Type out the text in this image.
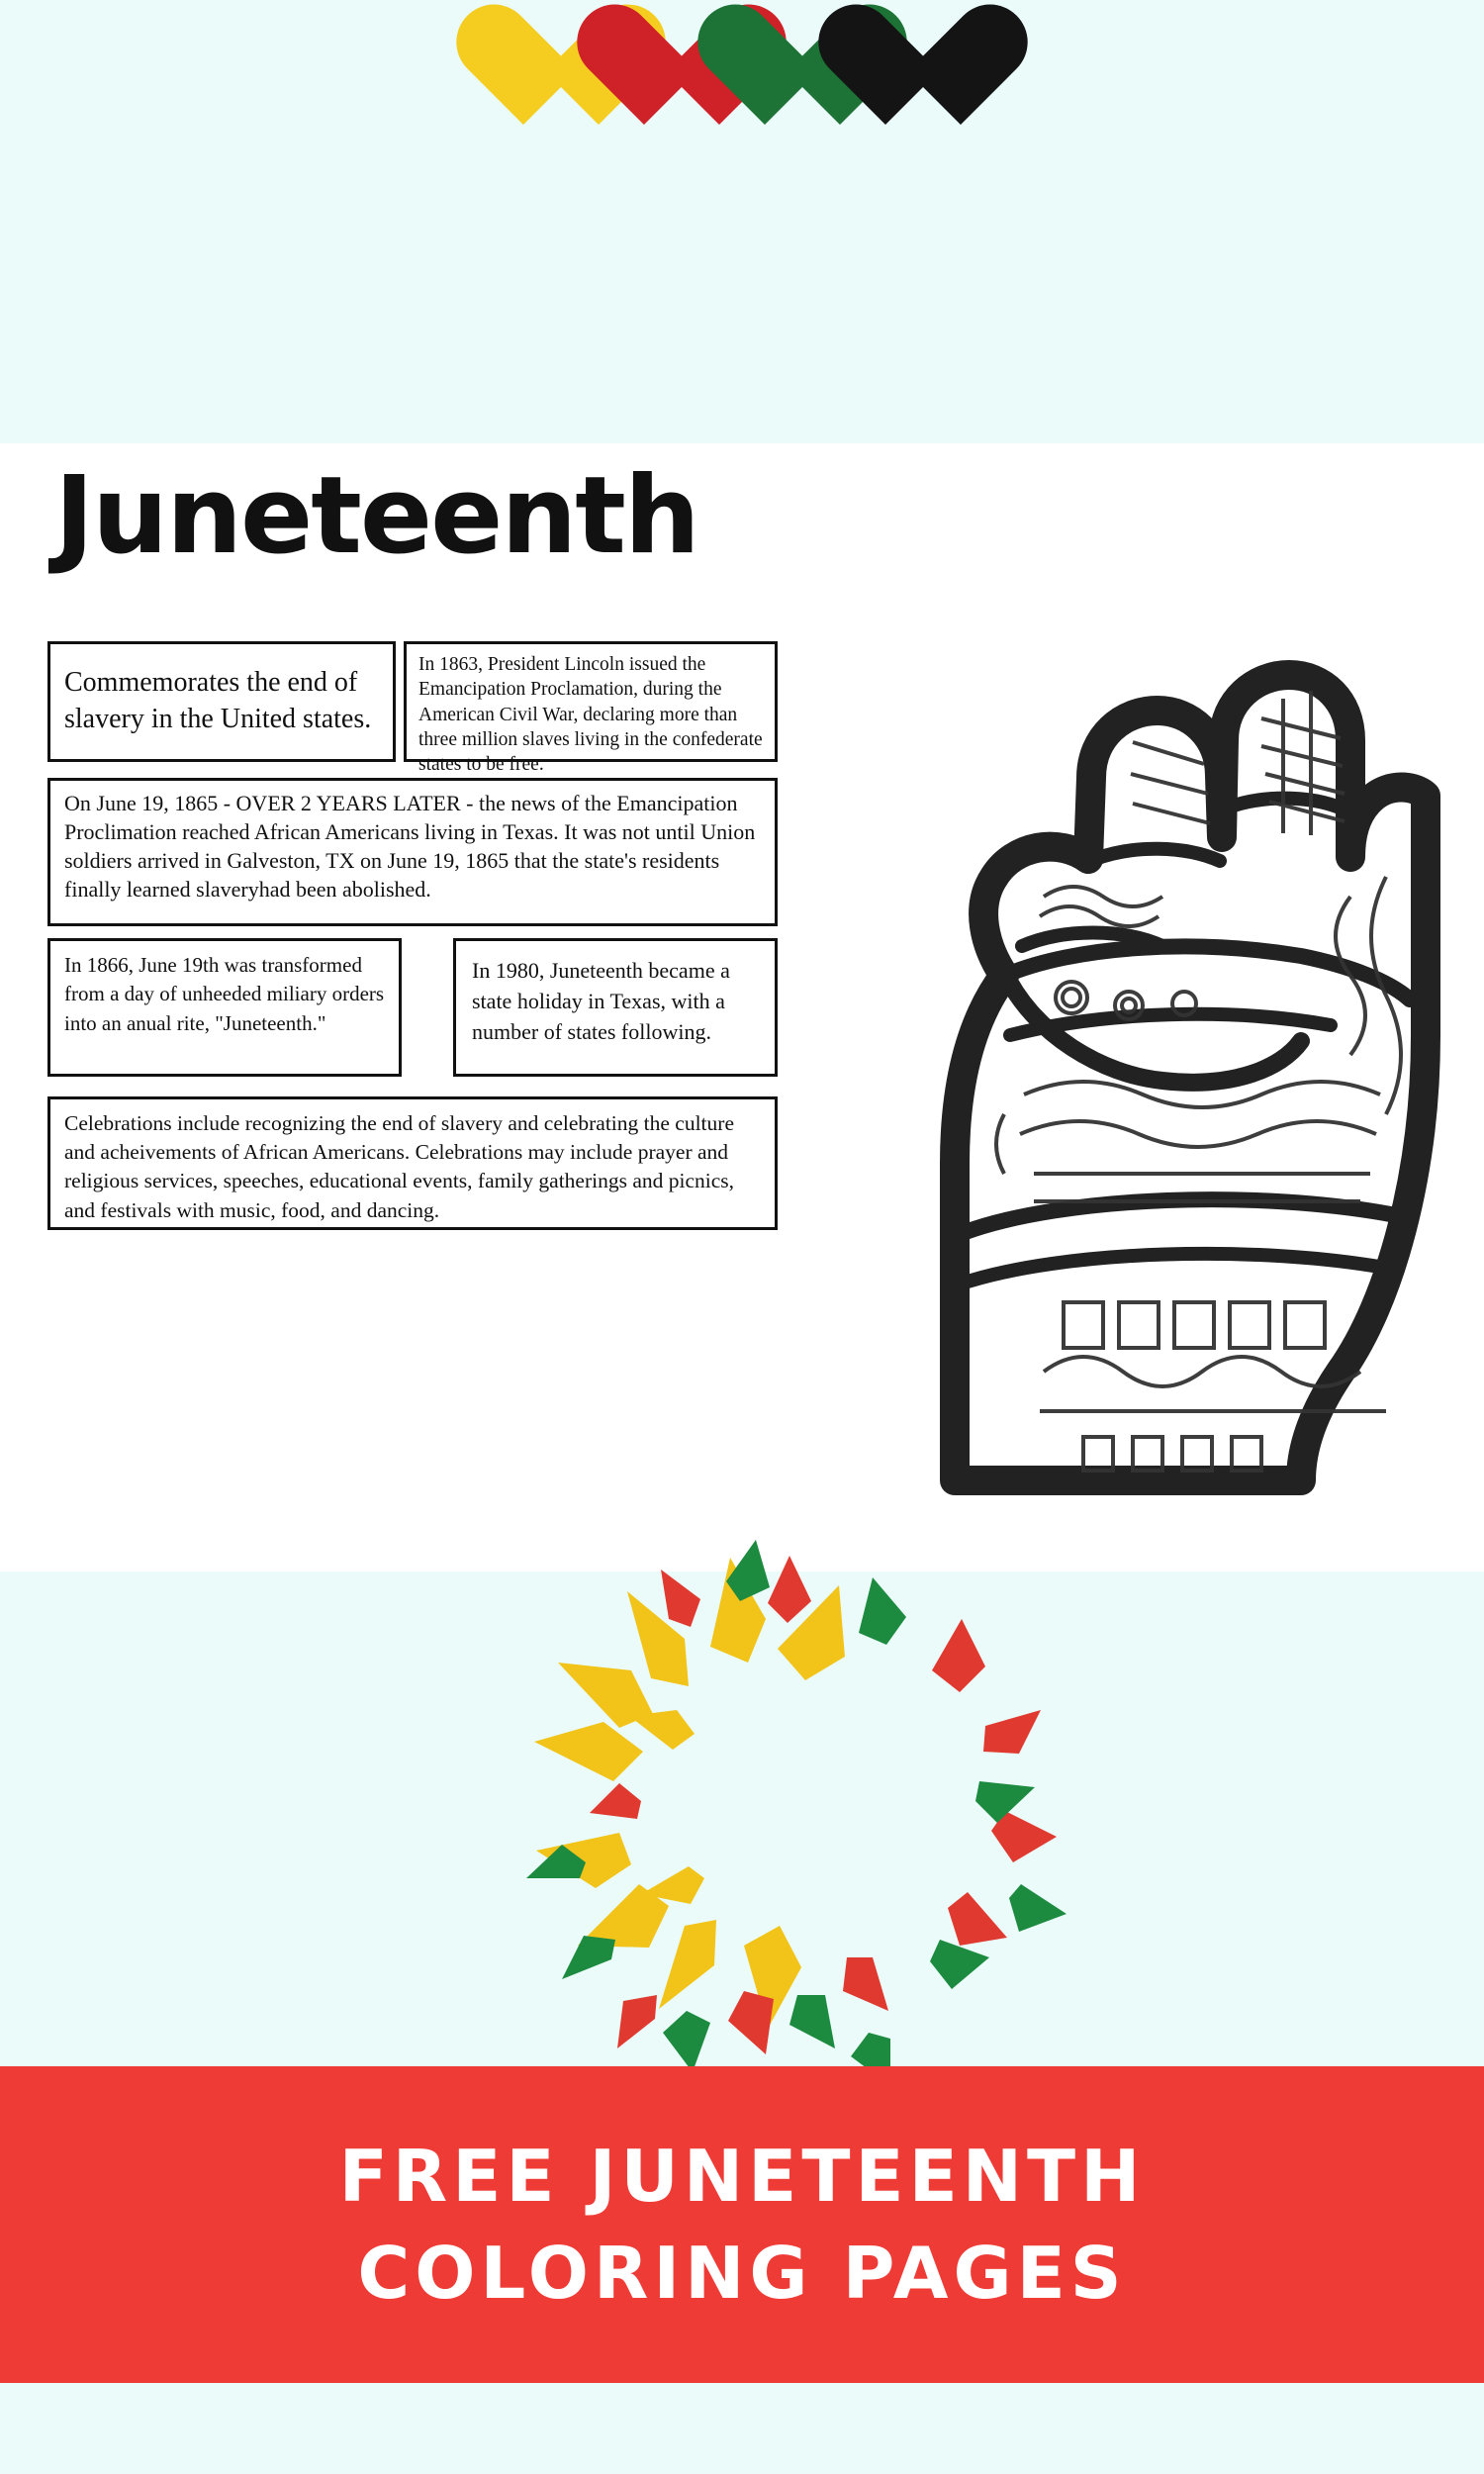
Juneteenth

Commemorates the end of slavery in the United states.

In 1863, President Lincoln issued the Emancipation Proclamation, during the American Civil War, declaring more than three million slaves living in the confederate states to be free.

On June 19, 1865 - OVER 2 YEARS LATER - the news of the Emancipation Proclimation reached African Americans living in Texas. It was not until Union soldiers arrived in Galveston, TX on June 19, 1865 that the state's residents finally learned slaveryhad been abolished.

In 1866, June 19th was transformed from a day of unheeded miliary orders into an anual rite, "Juneteenth."

In 1980, Juneteenth became a state holiday in Texas, with a number of states following.

Celebrations include recognizing the end of slavery and celebrating the culture and acheivements of African Americans. Celebrations may include prayer and religious services, speeches, educational events, family gatherings and picnics, and festivals with music, food, and dancing.

FREE JUNETEENTH
COLORING PAGES
